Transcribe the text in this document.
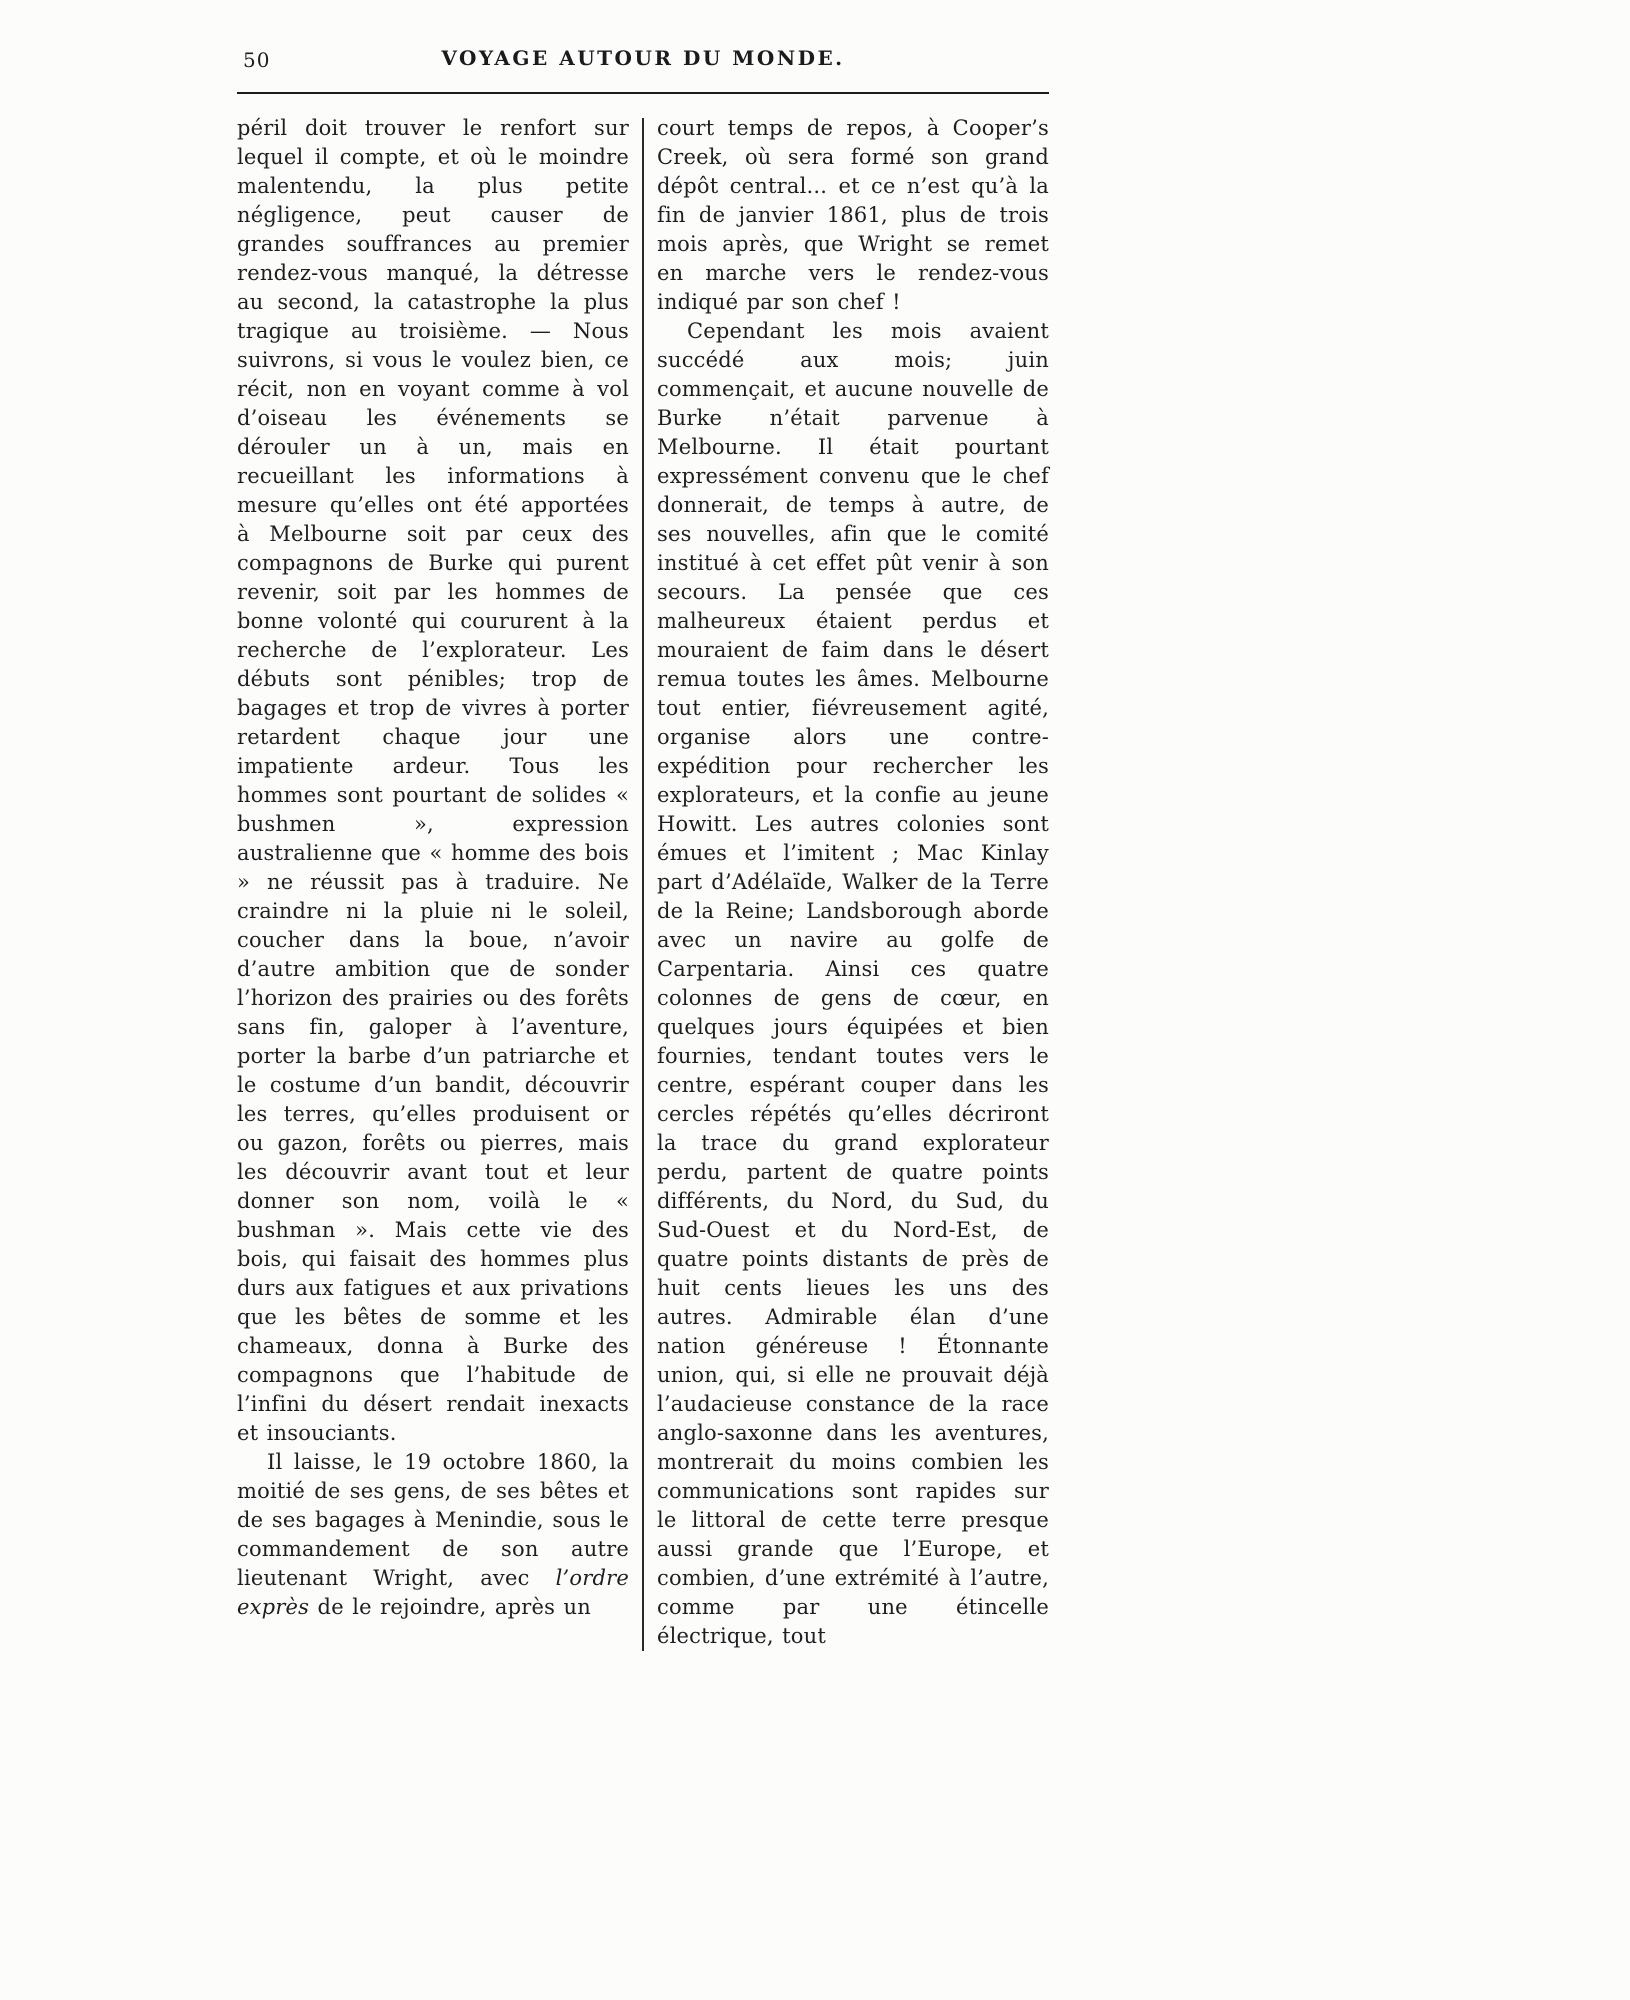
50	VOYAGE AUTOUR DU MONDE.

péril doit trouver le renfort sur lequel il compte, et où le moindre malentendu, la plus petite négligence, peut causer de grandes souffrances au premier rendez-vous manqué, la détresse au second, la catastrophe la plus tragique au troisième. — Nous suivrons, si vous le voulez bien, ce récit, non en voyant comme à vol d’oiseau les événements se dérouler un à un, mais en recueillant les informations à mesure qu’elles ont été apportées à Melbourne soit par ceux des compagnons de Burke qui purent revenir, soit par les hommes de bonne volonté qui coururent à la recherche de l’explorateur. Les débuts sont pénibles; trop de bagages et trop de vivres à porter retardent chaque jour une impatiente ardeur. Tous les hommes sont pourtant de solides « bushmen », expression australienne que « homme des bois » ne réussit pas à traduire. Ne craindre ni la pluie ni le soleil, coucher dans la boue, n’avoir d’autre ambition que de sonder l’horizon des prairies ou des forêts sans fin, galoper à l’aventure, porter la barbe d’un patriarche et le costume d’un bandit, découvrir les terres, qu’elles produisent or ou gazon, forêts ou pierres, mais les découvrir avant tout et leur donner son nom, voilà le « bushman ». Mais cette vie des bois, qui faisait des hommes plus durs aux fatigues et aux privations que les bêtes de somme et les chameaux, donna à Burke des compagnons que l’habitude de l’infini du désert rendait inexacts et insouciants.

Il laisse, le 19 octobre 1860, la moitié de ses gens, de ses bêtes et de ses bagages à Menindie, sous le commandement de son autre lieutenant Wright, avec l’ordre exprès de le rejoindre, après un

court temps de repos, à Cooper’s Creek, où sera formé son grand dépôt central... et ce n’est qu’à la fin de janvier 1861, plus de trois mois après, que Wright se remet en marche vers le rendez-vous indiqué par son chef !

Cependant les mois avaient succédé aux mois; juin commençait, et aucune nouvelle de Burke n’était parvenue à Melbourne. Il était pourtant expressément convenu que le chef donnerait, de temps à autre, de ses nouvelles, afin que le comité institué à cet effet pût venir à son secours. La pensée que ces malheureux étaient perdus et mouraient de faim dans le désert remua toutes les âmes. Melbourne tout entier, fiévreusement agité, organise alors une contre-expédition pour rechercher les explorateurs, et la confie au jeune Howitt. Les autres colonies sont émues et l’imitent ; Mac Kinlay part d’Adélaïde, Walker de la Terre de la Reine; Landsborough aborde avec un navire au golfe de Carpentaria. Ainsi ces quatre colonnes de gens de cœur, en quelques jours équipées et bien fournies, tendant toutes vers le centre, espérant couper dans les cercles répétés qu’elles décriront la trace du grand explorateur perdu, partent de quatre points différents, du Nord, du Sud, du Sud-Ouest et du Nord-Est, de quatre points distants de près de huit cents lieues les uns des autres. Admirable élan d’une nation généreuse ! Étonnante union, qui, si elle ne prouvait déjà l’audacieuse constance de la race anglo-saxonne dans les aventures, montrerait du moins combien les communications sont rapides sur le littoral de cette terre presque aussi grande que l’Europe, et combien, d’une extrémité à l’autre, comme par une étincelle électrique, tout
